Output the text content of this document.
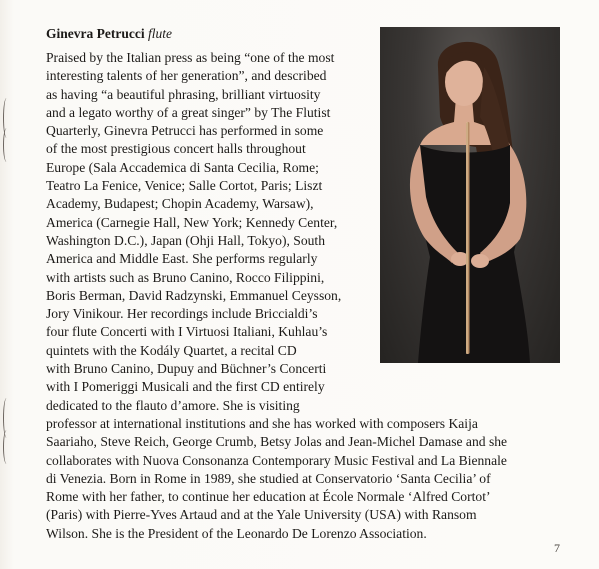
Ginevra Petrucci flute
Praised by the Italian press as being “one of the most
interesting talents of her generation”, and described
as having “a beautiful phrasing, brilliant virtuosity
and a legato worthy of a great singer” by The Flutist
Quarterly, Ginevra Petrucci has performed in some
of the most prestigious concert halls throughout
Europe (Sala Accademica di Santa Cecilia, Rome;
Teatro La Fenice, Venice; Salle Cortot, Paris; Liszt
Academy, Budapest; Chopin Academy, Warsaw),
America (Carnegie Hall, New York; Kennedy Center,
Washington D.C.), Japan (Ohji Hall, Tokyo), South
America and Middle East. She performs regularly
with artists such as Bruno Canino, Rocco Filippini,
Boris Berman, David Radzynski, Emmanuel Ceysson,
Jory Vinikour. Her recordings include Briccialdi’s
four flute Concerti with I Virtuosi Italiani, Kuhlau’s
quintets with the Kodály Quartet, a recital CD
with Bruno Canino, Dupuy and Büchner’s Concerti
with I Pomeriggi Musicali and the first CD entirely
dedicated to the flauto d’amore. She is visiting
professor at international institutions and she has worked with composers Kaija
Saariaho, Steve Reich, George Crumb, Betsy Jolas and Jean-Michel Damase and she
collaborates with Nuova Consonanza Contemporary Music Festival and La Biennale
di Venezia. Born in Rome in 1989, she studied at Conservatorio ‘Santa Cecilia’ of
Rome with her father, to continue her education at École Normale ‘Alfred Cortot’
(Paris) with Pierre-Yves Artaud and at the Yale University (USA) with Ransom
Wilson. She is the President of the Leonardo De Lorenzo Association.
7
